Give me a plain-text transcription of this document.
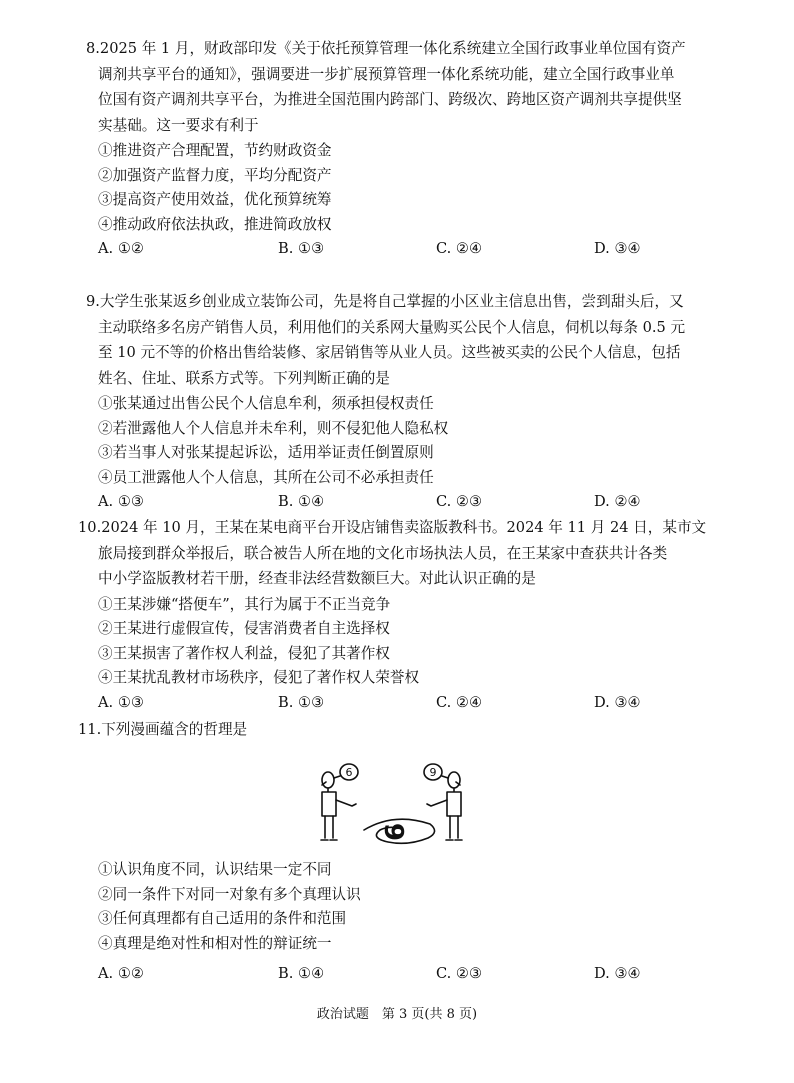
8.2025 年 1 月，财政部印发《关于依托预算管理一体化系统建立全国行政事业单位国有资产

调剂共享平台的通知》，强调要进一步扩展预算管理一体化系统功能，建立全国行政事业单

位国有资产调剂共享平台，为推进全国范围内跨部门、跨级次、跨地区资产调剂共享提供坚

实基础。这一要求有利于

①推进资产合理配置，节约财政资金

②加强资产监督力度，平均分配资产

③提高资产使用效益，优化预算统筹

④推动政府依法执政，推进简政放权

A. ①②	B. ①③	C. ②④	D. ③④

9.大学生张某返乡创业成立装饰公司，先是将自己掌握的小区业主信息出售，尝到甜头后，又

主动联络多名房产销售人员，利用他们的关系网大量购买公民个人信息，伺机以每条 0.5 元

至 10 元不等的价格出售给装修、家居销售等从业人员。这些被买卖的公民个人信息，包括

姓名、住址、联系方式等。下列判断正确的是

①张某通过出售公民个人信息牟利，须承担侵权责任

②若泄露他人个人信息并未牟利，则不侵犯他人隐私权

③若当事人对张某提起诉讼，适用举证责任倒置原则

④员工泄露他人个人信息，其所在公司不必承担责任

A. ①③	B. ①④	C. ②③	D. ②④

10.2024 年 10 月，王某在某电商平台开设店铺售卖盗版教科书。2024 年 11 月 24 日，某市文

旅局接到群众举报后，联合被告人所在地的文化市场执法人员，在王某家中查获共计各类

中小学盗版教材若干册，经查非法经营数额巨大。对此认识正确的是

①王某涉嫌“搭便车”，其行为属于不正当竞争

②王某进行虚假宣传，侵害消费者自主选择权

③王某损害了著作权人利益，侵犯了其著作权

④王某扰乱教材市场秩序，侵犯了著作权人荣誉权

A. ①③	B. ①③	C. ②④	D. ③④

11.下列漫画蕴含的哲理是

6	9
6

①认识角度不同，认识结果一定不同

②同一条件下对同一对象有多个真理认识

③任何真理都有自己适用的条件和范围

④真理是绝对性和相对性的辩证统一

A. ①②	B. ①④	C. ②③	D. ③④
政治试题　第 3 页(共 8 页)
